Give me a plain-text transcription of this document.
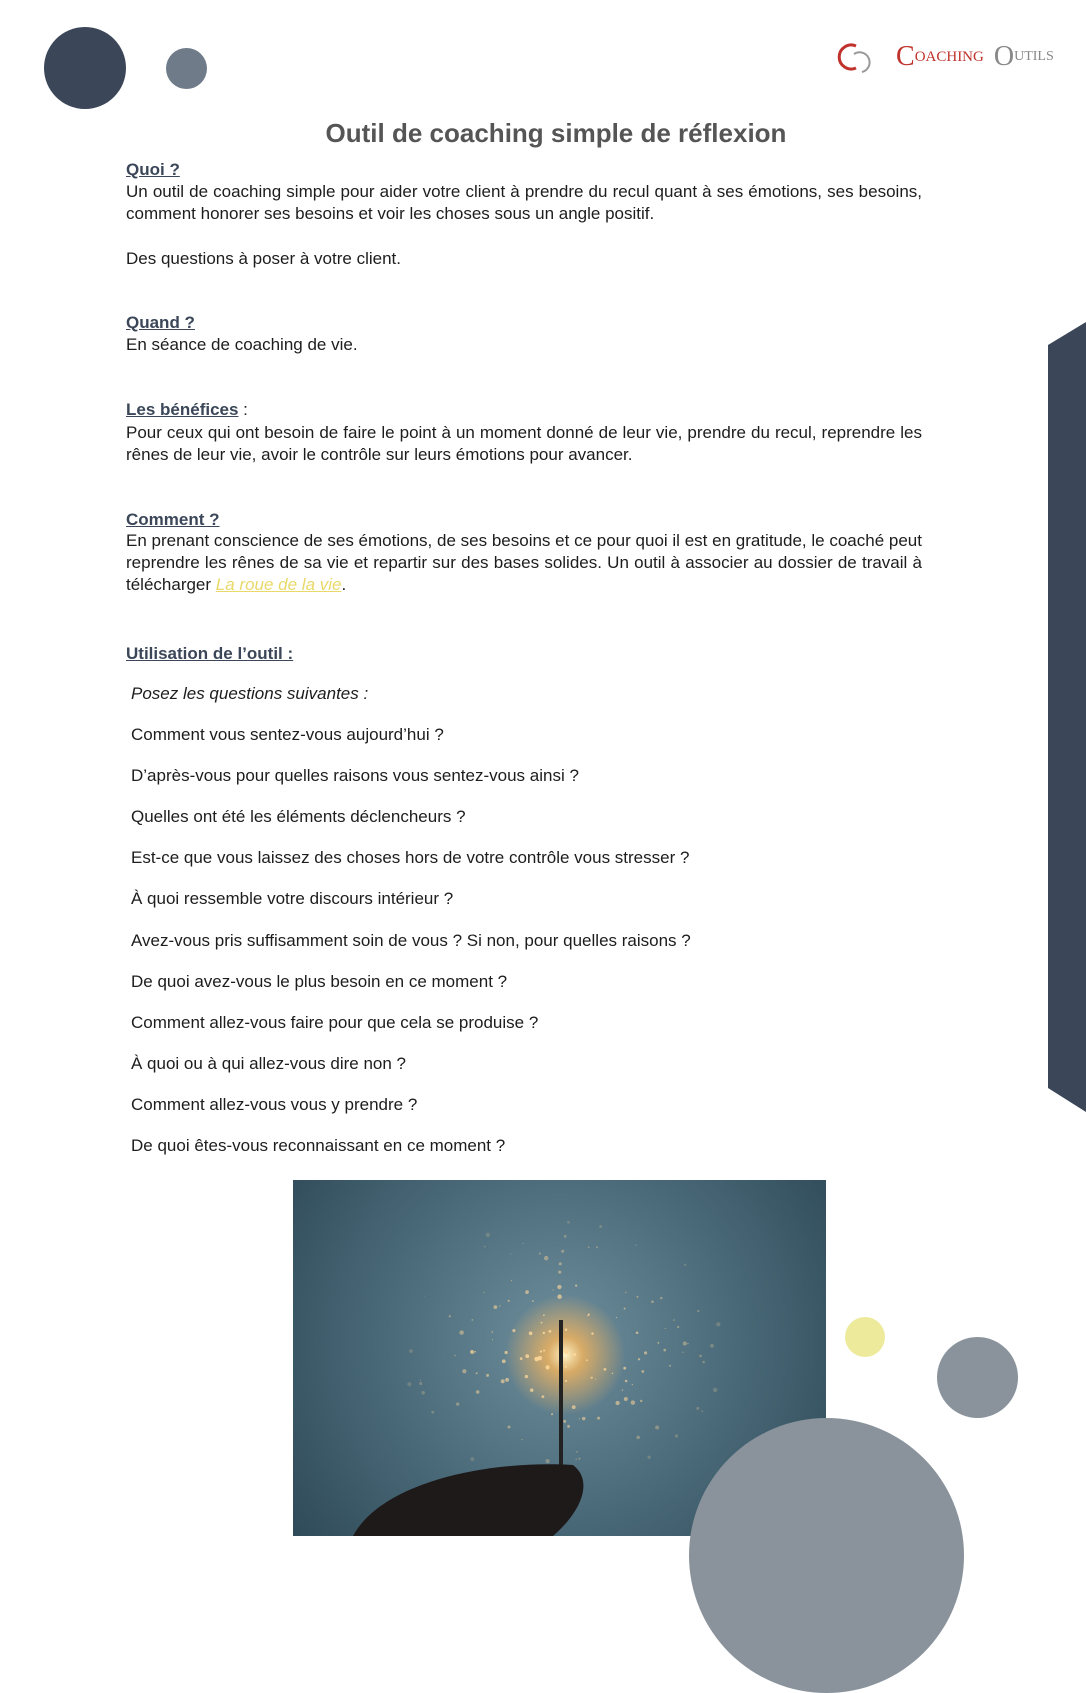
C OACHING O UTILS
Outil de coaching simple de réflexion
Quoi ?
Un outil de coaching simple pour aider votre client à prendre du recul quant à ses émotions, ses besoins, comment honorer ses besoins et voir les choses sous un angle positif.
Des questions à poser à votre client.
Quand ?
En séance de coaching de vie.
Les bénéfices :
Pour ceux qui ont besoin de faire le point à un moment donné de leur vie, prendre du recul, reprendre les rênes de leur vie, avoir le contrôle sur leurs émotions pour avancer.
Comment ?
En prenant conscience de ses émotions, de ses besoins et ce pour quoi il est en gratitude, le coaché peut reprendre les rênes de sa vie et repartir sur des bases solides. Un outil à associer au dossier de travail à télécharger La roue de la vie.
Utilisation de l’outil :
Posez les questions suivantes :
Comment vous sentez-vous aujourd’hui ?
D’après-vous pour quelles raisons vous sentez-vous ainsi ?
Quelles ont été les éléments déclencheurs ?
Est-ce que vous laissez des choses hors de votre contrôle vous stresser ?
À quoi ressemble votre discours intérieur ?
Avez-vous pris suffisamment soin de vous ? Si non, pour quelles raisons ?
De quoi avez-vous le plus besoin en ce moment ?
Comment allez-vous faire pour que cela se produise ?
À quoi ou à qui allez-vous dire non ?
Comment allez-vous vous y prendre ?
De quoi êtes-vous reconnaissant en ce moment ?
